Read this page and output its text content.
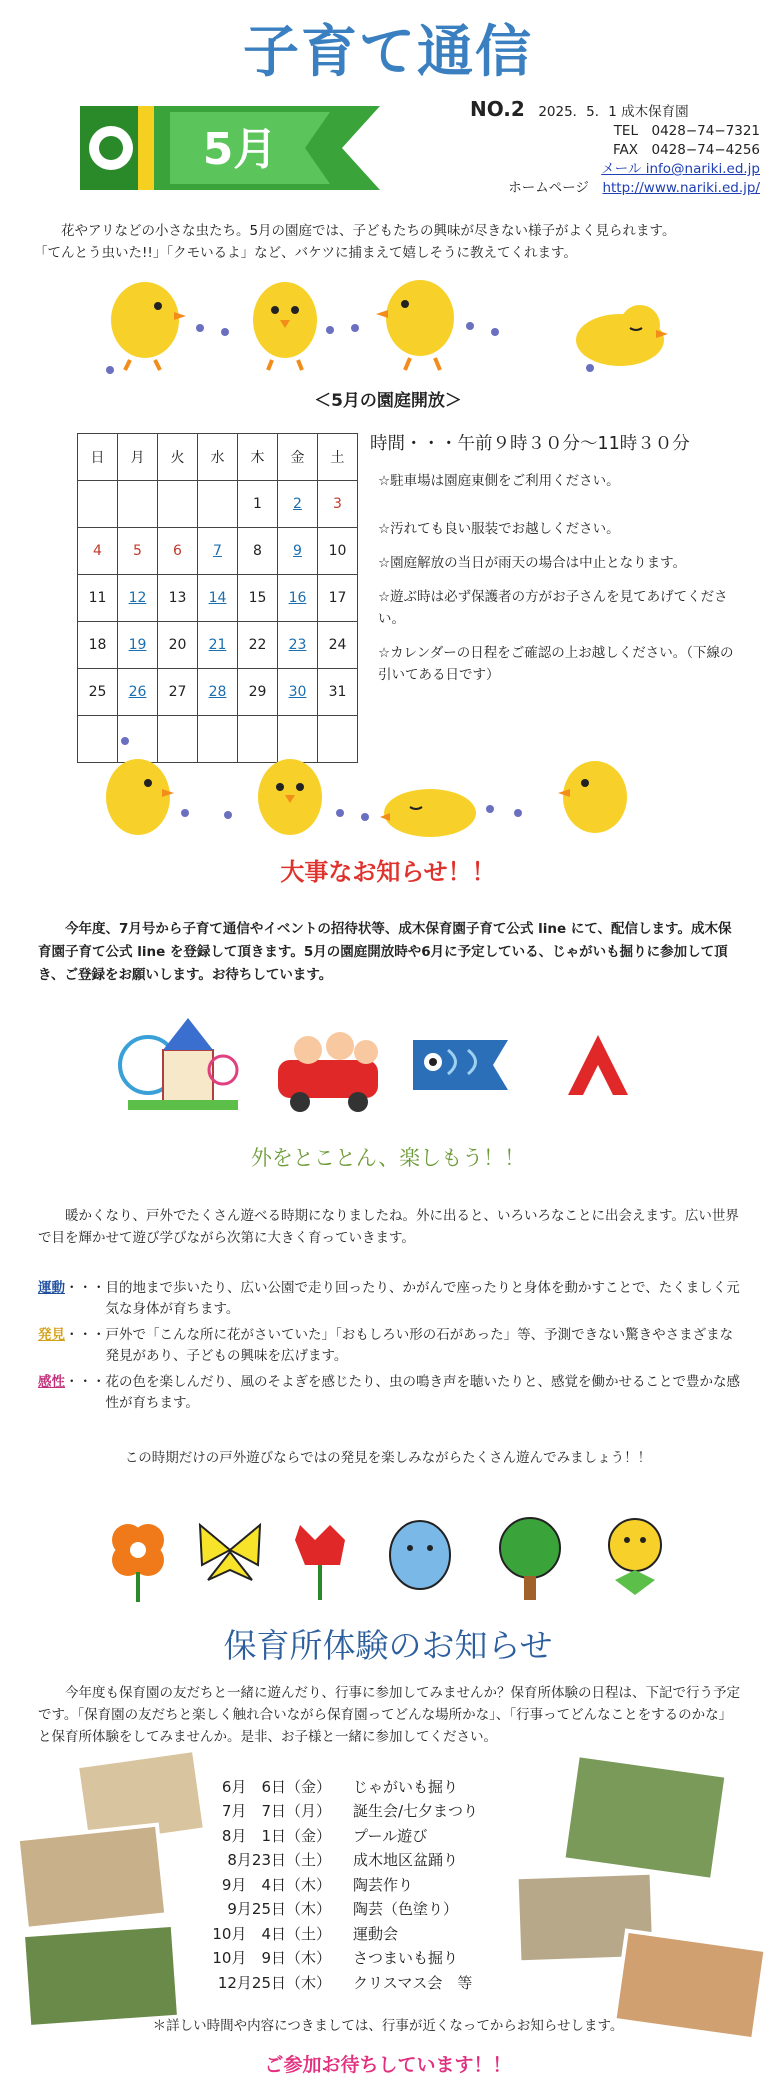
子育て通信
5月
NO.2　 2025．5．1 成木保育園
TEL　0428−74−7321
FAX　0428−74−4256
メール info@nariki.ed.jp
ホームページ　 http://www.nariki.ed.jp/
花やアリなどの小さな虫たち。5月の園庭では、子どもたちの興味が尽きない様子がよく見られます。
「てんとう虫いた!!」「クモいるよ」など、バケツに捕まえて嬉しそうに教えてくれます。
＜5月の園庭開放＞
日	月	火	水	木	金	土
				1	2	3
4	5	6	7	8	9	10
11	12	13	14	15	16	17
18	19	20	21	22	23	24
25	26	27	28	29	30	31

時間・・・午前９時３０分〜11時３０分

☆駐車場は園庭東側をご利用ください。

☆汚れても良い服装でお越しください。

☆園庭解放の当日が雨天の場合は中止となります。

☆遊ぶ時は必ず保護者の方がお子さんを見てあげてください。

☆カレンダーの日程をご確認の上お越しください。（下線の引いてある日です）

大事なお知らせ！！
今年度、7月号から子育て通信やイベントの招待状等、成木保育園子育て公式 line にて、配信します。成木保育園子育て公式 line を登録して頂きます。5月の園庭開放時や6月に予定している、じゃがいも掘りに参加して頂き、ご登録をお願いします。お待ちしています。
外をとことん、楽しもう！！
暖かくなり、戸外でたくさん遊べる時期になりましたね。外に出ると、いろいろなことに出会えます。広い世界で目を輝かせて遊び学びながら次第に大きく育っていきます。
運動 ・・・ 目的地まで歩いたり、広い公園で走り回ったり、かがんで座ったりと身体を動かすことで、たくましく元気な身体が育ちます。
発見 ・・・ 戸外で「こんな所に花がさいていた」「おもしろい形の石があった」等、予測できない驚きやさまざまな発見があり、子どもの興味を広げます。
感性 ・・・ 花の色を楽しんだり、風のそよぎを感じたり、虫の鳴き声を聴いたりと、感覚を働かせることで豊かな感性が育ちます。
この時期だけの戸外遊びならではの発見を楽しみながらたくさん遊んでみましょう！！
保育所体験のお知らせ
今年度も保育園の友だちと一緒に遊んだり、行事に参加してみませんか？保育所体験の日程は、下記で行う予定です。「保育園の友だちと楽しく触れ合いながら保育園ってどんな場所かな」、「行事ってどんなことをするのかな」と保育所体験をしてみませんか。是非、お子様と一緒に参加してください。
6月　6日（金）	じゃがいも掘り
7月　7日（月）	誕生会/七夕まつり
8月　1日（金）	プール遊び
8月23日（土）	成木地区盆踊り
9月　4日（木）	陶芸作り
9月25日（木）	陶芸（色塗り）
10月　4日（土）	運動会
10月　9日（木）	さつまいも掘り
12月25日（木）	クリスマス会　等
＊詳しい時間や内容につきましては、行事が近くなってからお知らせします。
ご参加お待ちしています！！
